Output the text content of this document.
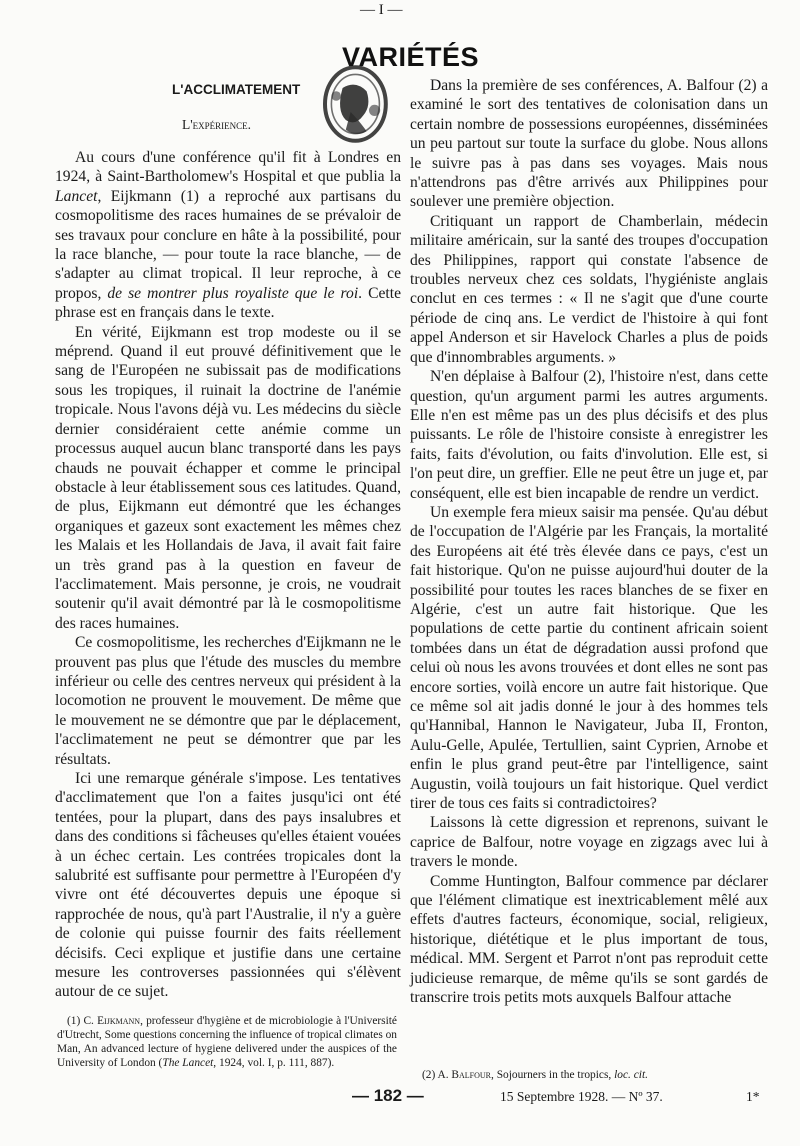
— I —
VARIÉTÉS
L'ACCLIMATEMENT
L'expérience.

Au cours d'une conférence qu'il fit à Londres en 1924, à Saint-Bartholomew's Hospital et que publia la Lancet, Eijkmann (1) a reproché aux partisans du cosmopolitisme des races humaines de se prévaloir de ses travaux pour conclure en hâte à la possibilité, pour la race blanche, — pour toute la race blanche, — de s'adapter au climat tropical. Il leur reproche, à ce propos, de se montrer plus royaliste que le roi. Cette phrase est en français dans le texte.

En vérité, Eijkmann est trop modeste ou il se méprend. Quand il eut prouvé définitivement que le sang de l'Européen ne subissait pas de modifications sous les tropiques, il ruinait la doctrine de l'anémie tropicale. Nous l'avons déjà vu. Les médecins du siècle dernier considéraient cette anémie comme un processus auquel aucun blanc transporté dans les pays chauds ne pouvait échapper et comme le principal obstacle à leur établissement sous ces latitudes. Quand, de plus, Eijkmann eut démontré que les échanges organiques et gazeux sont exactement les mêmes chez les Malais et les Hollandais de Java, il avait fait faire un très grand pas à la question en faveur de l'acclimatement. Mais personne, je crois, ne voudrait soutenir qu'il avait démontré par là le cosmopolitisme des races humaines.

Ce cosmopolitisme, les recherches d'Eijkmann ne le prouvent pas plus que l'étude des muscles du membre inférieur ou celle des centres nerveux qui président à la locomotion ne prouvent le mouvement. De même que le mouvement ne se démontre que par le déplacement, l'acclimatement ne peut se démontrer que par les résultats.

Ici une remarque générale s'impose. Les tentatives d'acclimatement que l'on a faites jusqu'ici ont été tentées, pour la plupart, dans des pays insalubres et dans des conditions si fâcheuses qu'elles étaient vouées à un échec certain. Les contrées tropicales dont la salubrité est suffisante pour permettre à l'Européen d'y vivre ont été découvertes depuis une époque si rapprochée de nous, qu'à part l'Australie, il n'y a guère de colonie qui puisse fournir des faits réellement décisifs. Ceci explique et justifie dans une certaine mesure les controverses passionnées qui s'élèvent autour de ce sujet.

Dans la première de ses conférences, A. Balfour (2) a examiné le sort des tentatives de colonisation dans un certain nombre de possessions européennes, disséminées un peu partout sur toute la surface du globe. Nous allons le suivre pas à pas dans ses voyages. Mais nous n'attendrons pas d'être arrivés aux Philippines pour soulever une première objection.

Critiquant un rapport de Chamberlain, médecin militaire américain, sur la santé des troupes d'occupation des Philippines, rapport qui constate l'absence de troubles nerveux chez ces soldats, l'hygiéniste anglais conclut en ces termes : « Il ne s'agit que d'une courte période de cinq ans. Le verdict de l'histoire à qui font appel Anderson et sir Havelock Charles a plus de poids que d'innombrables arguments. »

N'en déplaise à Balfour (2), l'histoire n'est, dans cette question, qu'un argument parmi les autres arguments. Elle n'en est même pas un des plus décisifs et des plus puissants. Le rôle de l'histoire consiste à enregistrer les faits, faits d'évolution, ou faits d'involution. Elle est, si l'on peut dire, un greffier. Elle ne peut être un juge et, par conséquent, elle est bien incapable de rendre un verdict.

Un exemple fera mieux saisir ma pensée. Qu'au début de l'occupation de l'Algérie par les Français, la mortalité des Européens ait été très élevée dans ce pays, c'est un fait historique. Qu'on ne puisse aujourd'hui douter de la possibilité pour toutes les races blanches de se fixer en Algérie, c'est un autre fait historique. Que les populations de cette partie du continent africain soient tombées dans un état de dégradation aussi profond que celui où nous les avons trouvées et dont elles ne sont pas encore sorties, voilà encore un autre fait historique. Que ce même sol ait jadis donné le jour à des hommes tels qu'Hannibal, Hannon le Navigateur, Juba II, Fronton, Aulu-Gelle, Apulée, Tertullien, saint Cyprien, Arnobe et enfin le plus grand peut-être par l'intelligence, saint Augustin, voilà toujours un fait historique. Quel verdict tirer de tous ces faits si contradictoires?

Laissons là cette digression et reprenons, suivant le caprice de Balfour, notre voyage en zigzags avec lui à travers le monde.

Comme Huntington, Balfour commence par déclarer que l'élément climatique est inextricablement mêlé aux effets d'autres facteurs, économique, social, religieux, historique, diététique et le plus important de tous, médical. MM. Sergent et Parrot n'ont pas reproduit cette judicieuse remarque, de même qu'ils se sont gardés de transcrire trois petits mots auxquels Balfour attache

(1) C. Eijkmann, professeur d'hygiène et de microbiologie à l'Université d'Utrecht, Some questions concerning the influence of tropical climates on Man, An advanced lecture of hygiene delivered under the auspices of the University of London (The Lancet, 1924, vol. I, p. 111, 887).

(2) A. Balfour, Sojourners in the tropics, loc. cit.

— 182 —	15 Septembre 1928. — Nº 37.	1*
